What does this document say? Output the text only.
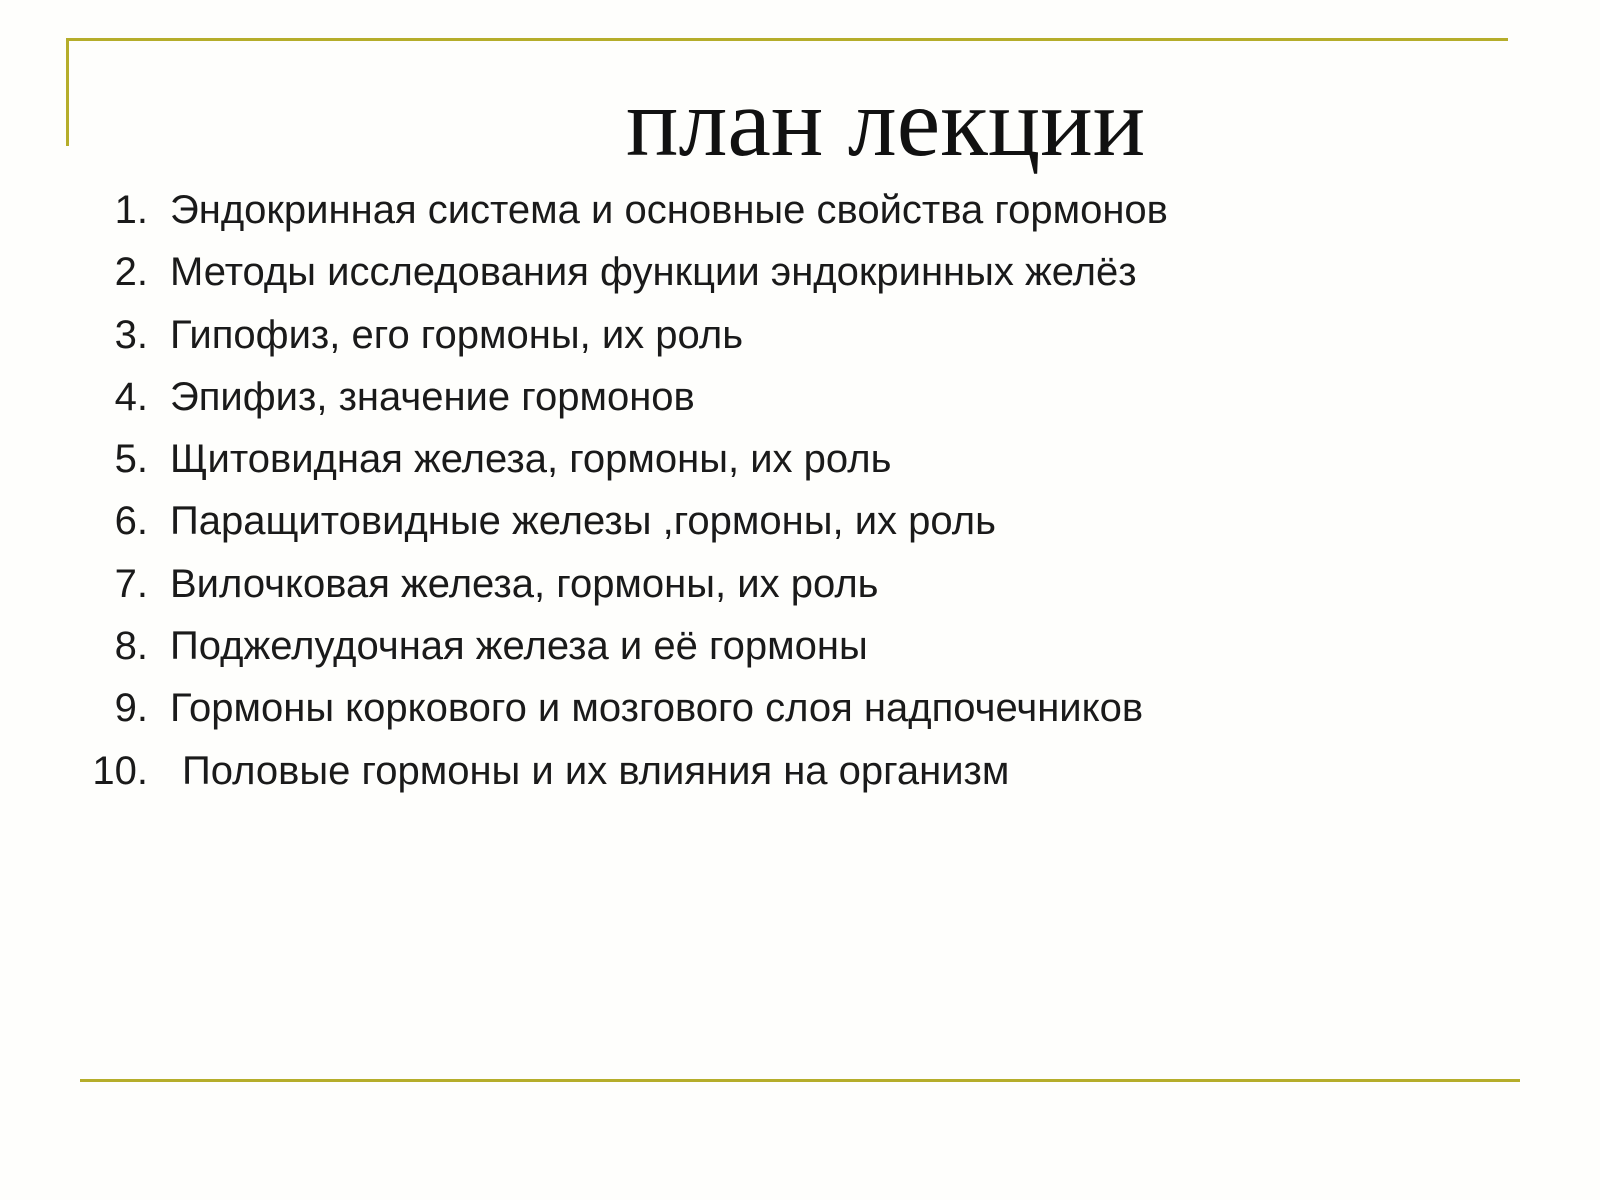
план лекции
1. Эндокринная система и основные свойства гормонов
2. Методы исследования функции эндокринных желёз
3. Гипофиз, его гормоны, их роль
4. Эпифиз, значение гормонов
5. Щитовидная железа, гормоны, их роль
6. Паращитовидные железы ,гормоны, их роль
7. Вилочковая железа, гормоны, их роль
8. Поджелудочная железа и её гормоны
9. Гормоны коркового и мозгового слоя надпочечников
10. Половые гормоны и их влияния на организм
